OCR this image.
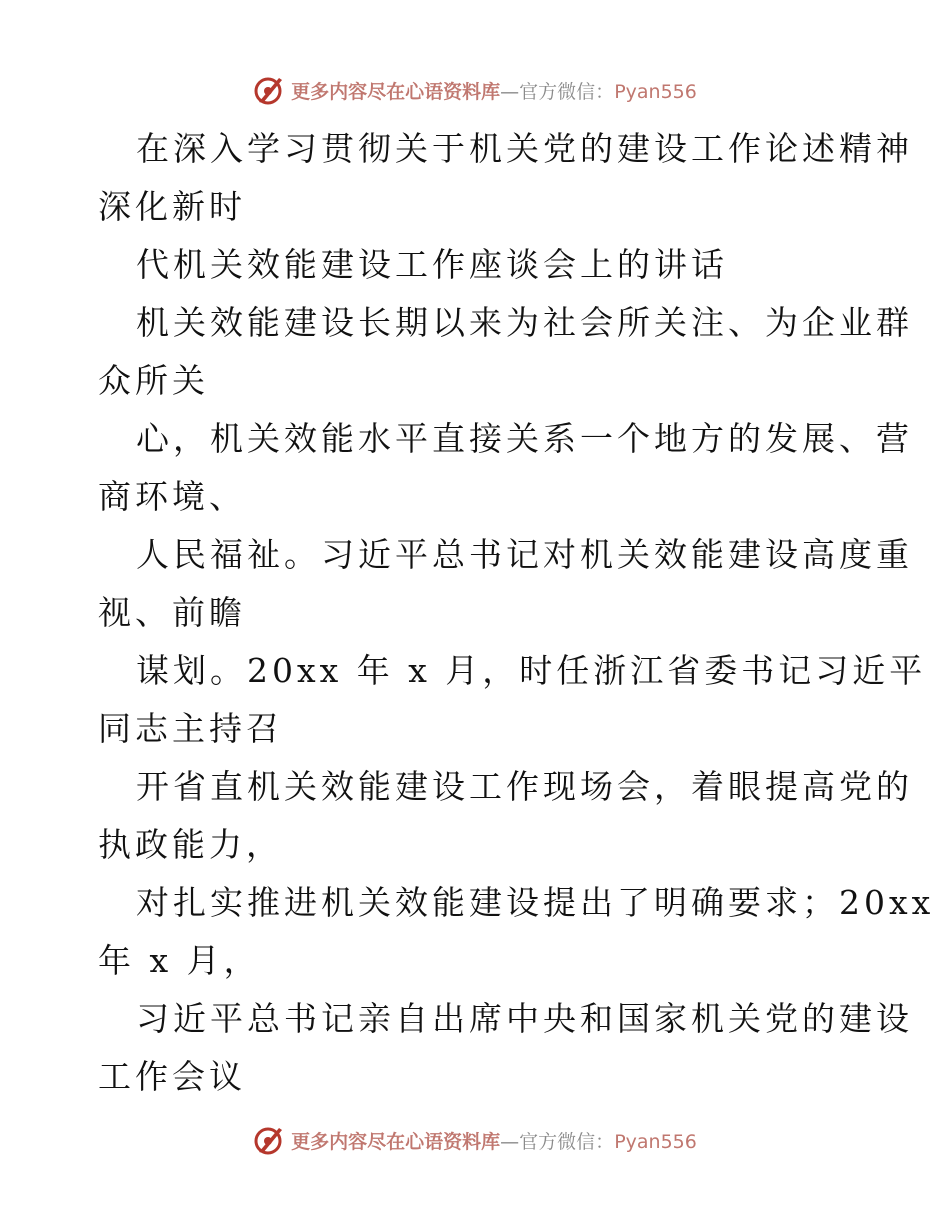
更多内容尽在心语资料库—官方微信：Pyan556
在深入学习贯彻关于机关党的建设工作论述精神
深化新时
代机关效能建设工作座谈会上的讲话
机关效能建设长期以来为社会所关注、为企业群
众所关
心，机关效能水平直接关系一个地方的发展、营
商环境、
人民福祉。习近平总书记对机关效能建设高度重
视、前瞻
谋划。20xx 年 x 月，时任浙江省委书记习近平
同志主持召
开省直机关效能建设工作现场会，着眼提高党的
执政能力，
对扎实推进机关效能建设提出了明确要求；20xx
年 x 月，
习近平总书记亲自出席中央和国家机关党的建设
工作会议
更多内容尽在心语资料库—官方微信：Pyan556
